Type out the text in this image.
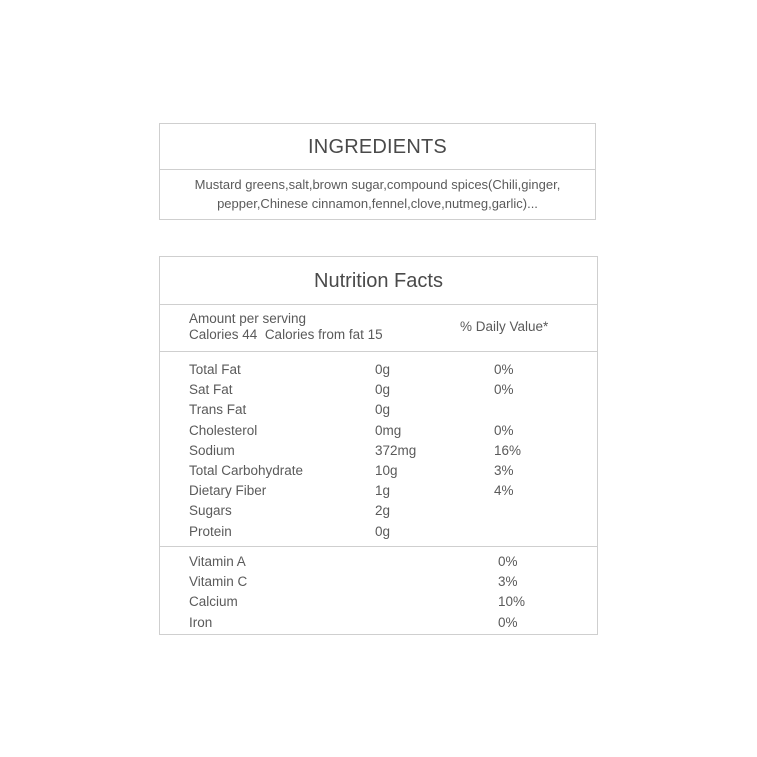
INGREDIENTS
Mustard greens,salt,brown sugar,compound spices(Chili,ginger,
pepper,Chinese cinnamon,fennel,clove,nutmeg,garlic)...
Nutrition Facts
Amount per serving
Calories 44 Calories from fat 15
% Daily Value*
Total Fat	0g	0%
Sat Fat	0g	0%
Trans Fat	0g
Cholesterol	0mg	0%
Sodium	372mg	16%
Total Carbohydrate	10g	3%
Dietary Fiber	1g	4%
Sugars	2g
Protein	0g
Vitamin A	0%
Vitamin C	3%
Calcium	10%
Iron	0%
